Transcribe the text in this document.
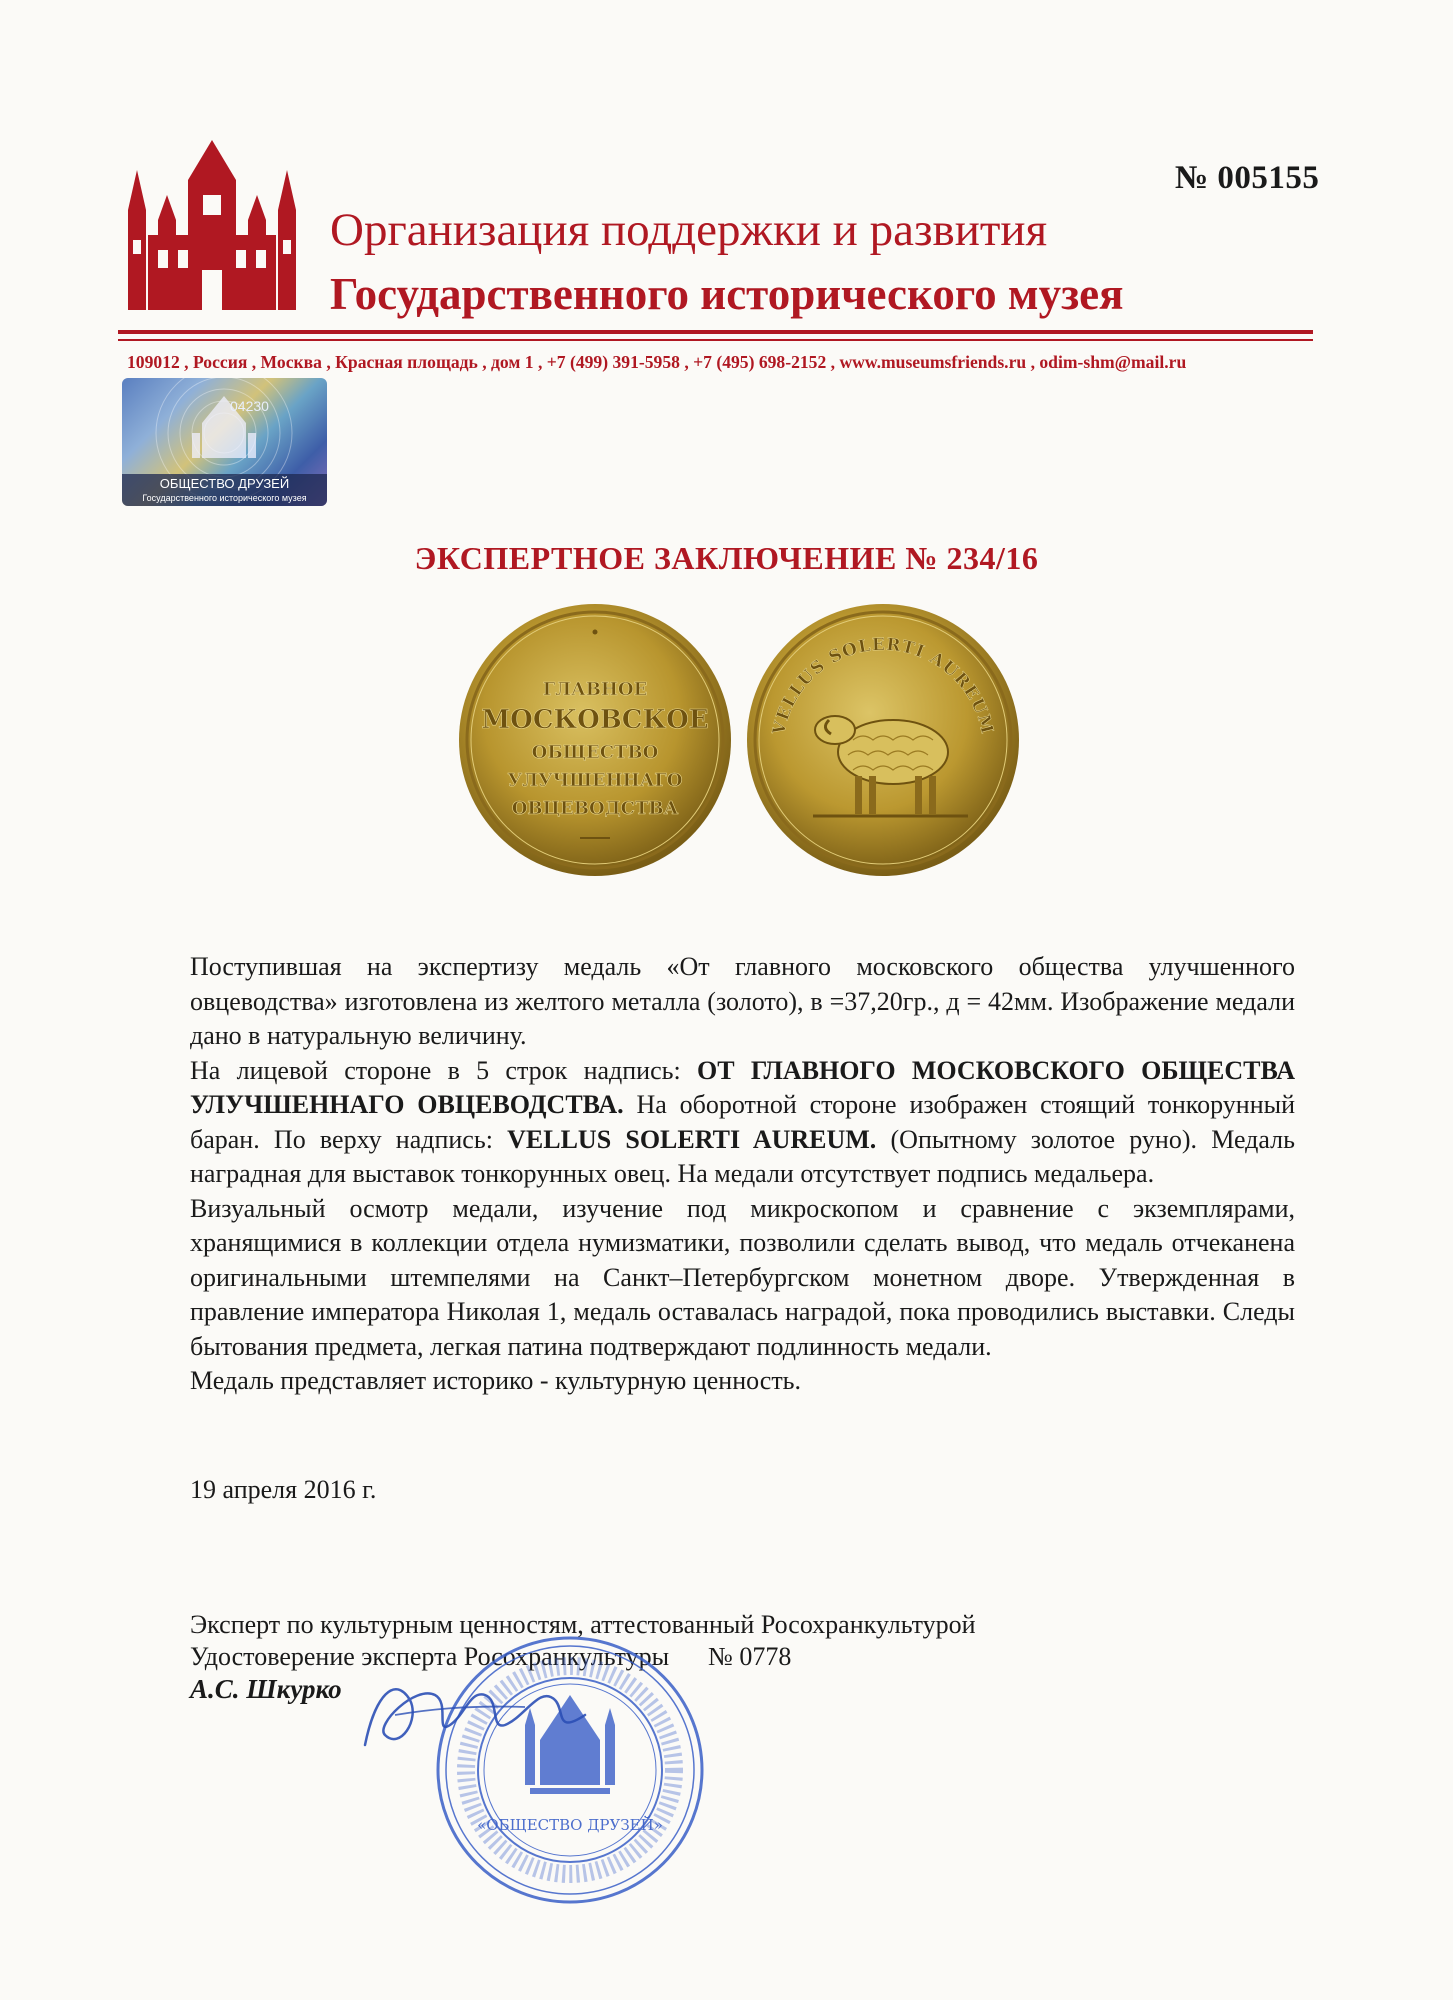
№ 005155
Организация поддержки и развития
Государственного исторического музея
109012 , Россия , Москва , Красная площадь , дом 1 , +7 (499) 391-5958 , +7 (495) 698-2152 , www.museumsfriends.ru , odim-shm@mail.ru
04230
ОБЩЕСТВО ДРУЗЕЙ
Государственного исторического музея
ЭКСПЕРТНОЕ ЗАКЛЮЧЕНИЕ № 234/16
ГЛАВНОЕ
МОСКОВСКОЕ
ОБЩЕСТВО
УЛУЧШЕННАГО
ОВЦЕВОДСТВА
VELLUS SOLERTI AUREUM

Поступившая на экспертизу медаль «От главного московского общества улучшенного овцеводства» изготовлена из желтого металла (золото), в =37,20гр., д = 42мм. Изображение медали дано в натуральную величину.

На лицевой стороне в 5 строк надпись: ОТ ГЛАВНОГО МОСКОВСКОГО ОБЩЕСТВА УЛУЧШЕННАГО ОВЦЕВОДСТВА. На оборотной стороне изображен стоящий тонкорунный баран. По верху надпись: VELLUS SOLERTI AUREUM. (Опытному золотое руно). Медаль наградная для выставок тонкорунных овец. На медали отсутствует подпись медальера.

Визуальный осмотр медали, изучение под микроскопом и сравнение с экземплярами, хранящимися в коллекции отдела нумизматики, позволили сделать вывод, что медаль отчеканена оригинальными штемпелями на Санкт–Петербургском монетном дворе. Утвержденная в правление императора Николая 1, медаль оставалась наградой, пока проводились выставки. Следы бытования предмета, легкая патина подтверждают подлинность медали.

Медаль представляет историко - культурную ценность.

19 апреля 2016 г.
Эксперт по культурным ценностям, аттестованный Росохранкультурой
Удостоверение эксперта Росохранкультуры      № 0778
А.С. Шкурко
«ОБЩЕСТВО ДРУЗЕЙ»
